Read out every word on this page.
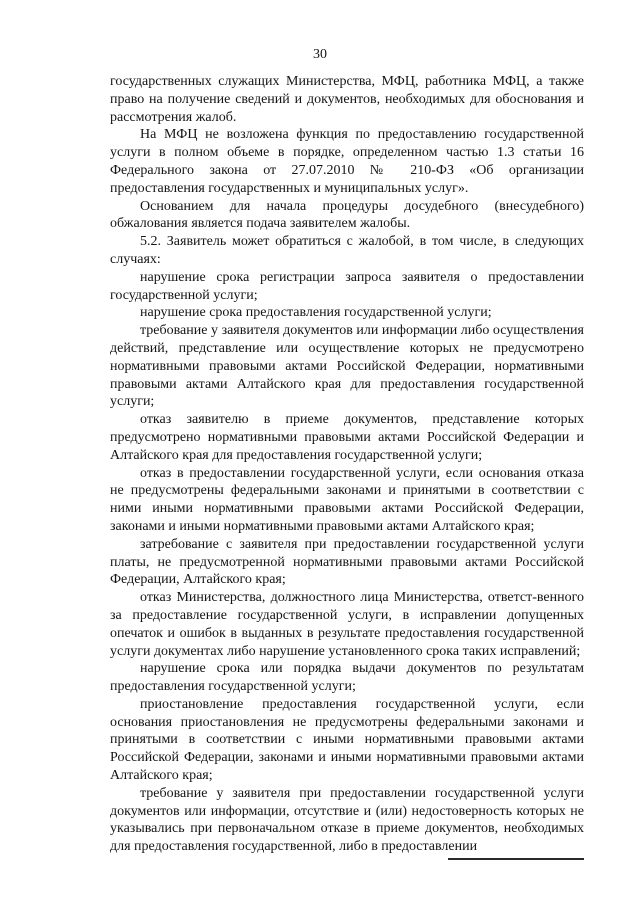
30

государственных служащих Министерства, МФЦ, работника МФЦ, а также право на получение сведений и документов, необходимых для обоснования и рассмотрения жалоб.

На МФЦ не возложена функция по предоставлению государственной услуги в полном объеме в порядке, определенном частью 1.3 статьи 16 Федерального закона от 27.07.2010 № 210-ФЗ «Об организации предоставления государственных и муниципальных услуг».

Основанием для начала процедуры досудебного (внесудебного) обжалования является подача заявителем жалобы.

5.2. Заявитель может обратиться с жалобой, в том числе, в следующих случаях:

нарушение срока регистрации запроса заявителя о предоставлении государственной услуги;

нарушение срока предоставления государственной услуги;

требование у заявителя документов или информации либо осуществления действий, представление или осуществление которых не предусмотрено нормативными правовыми актами Российской Федерации, нормативными правовыми актами Алтайского края для предоставления государственной услуги;

отказ заявителю в приеме документов, представление которых предусмотрено нормативными правовыми актами Российской Федерации и Алтайского края для предоставления государственной услуги;

отказ в предоставлении государственной услуги, если основания отказа не предусмотрены федеральными законами и принятыми в соответствии с ними иными нормативными правовыми актами Российской Федерации, законами и иными нормативными правовыми актами Алтайского края;

затребование с заявителя при предоставлении государственной услуги платы, не предусмотренной нормативными правовыми актами Российской Федерации, Алтайского края;

отказ Министерства, должностного лица Министерства, ответст-венного за предоставление государственной услуги, в исправлении допущенных опечаток и ошибок в выданных в результате предоставления государственной услуги документах либо нарушение установленного срока таких исправлений;

нарушение срока или порядка выдачи документов по результатам предоставления государственной услуги;

приостановление предоставления государственной услуги, если основания приостановления не предусмотрены федеральными законами и принятыми в соответствии с иными нормативными правовыми актами Российской Федерации, законами и иными нормативными правовыми актами Алтайского края;

требование у заявителя при предоставлении государственной услуги документов или информации, отсутствие и (или) недостоверность которых не указывались при первоначальном отказе в приеме документов, необходимых для предоставления государственной, либо в предоставлении
